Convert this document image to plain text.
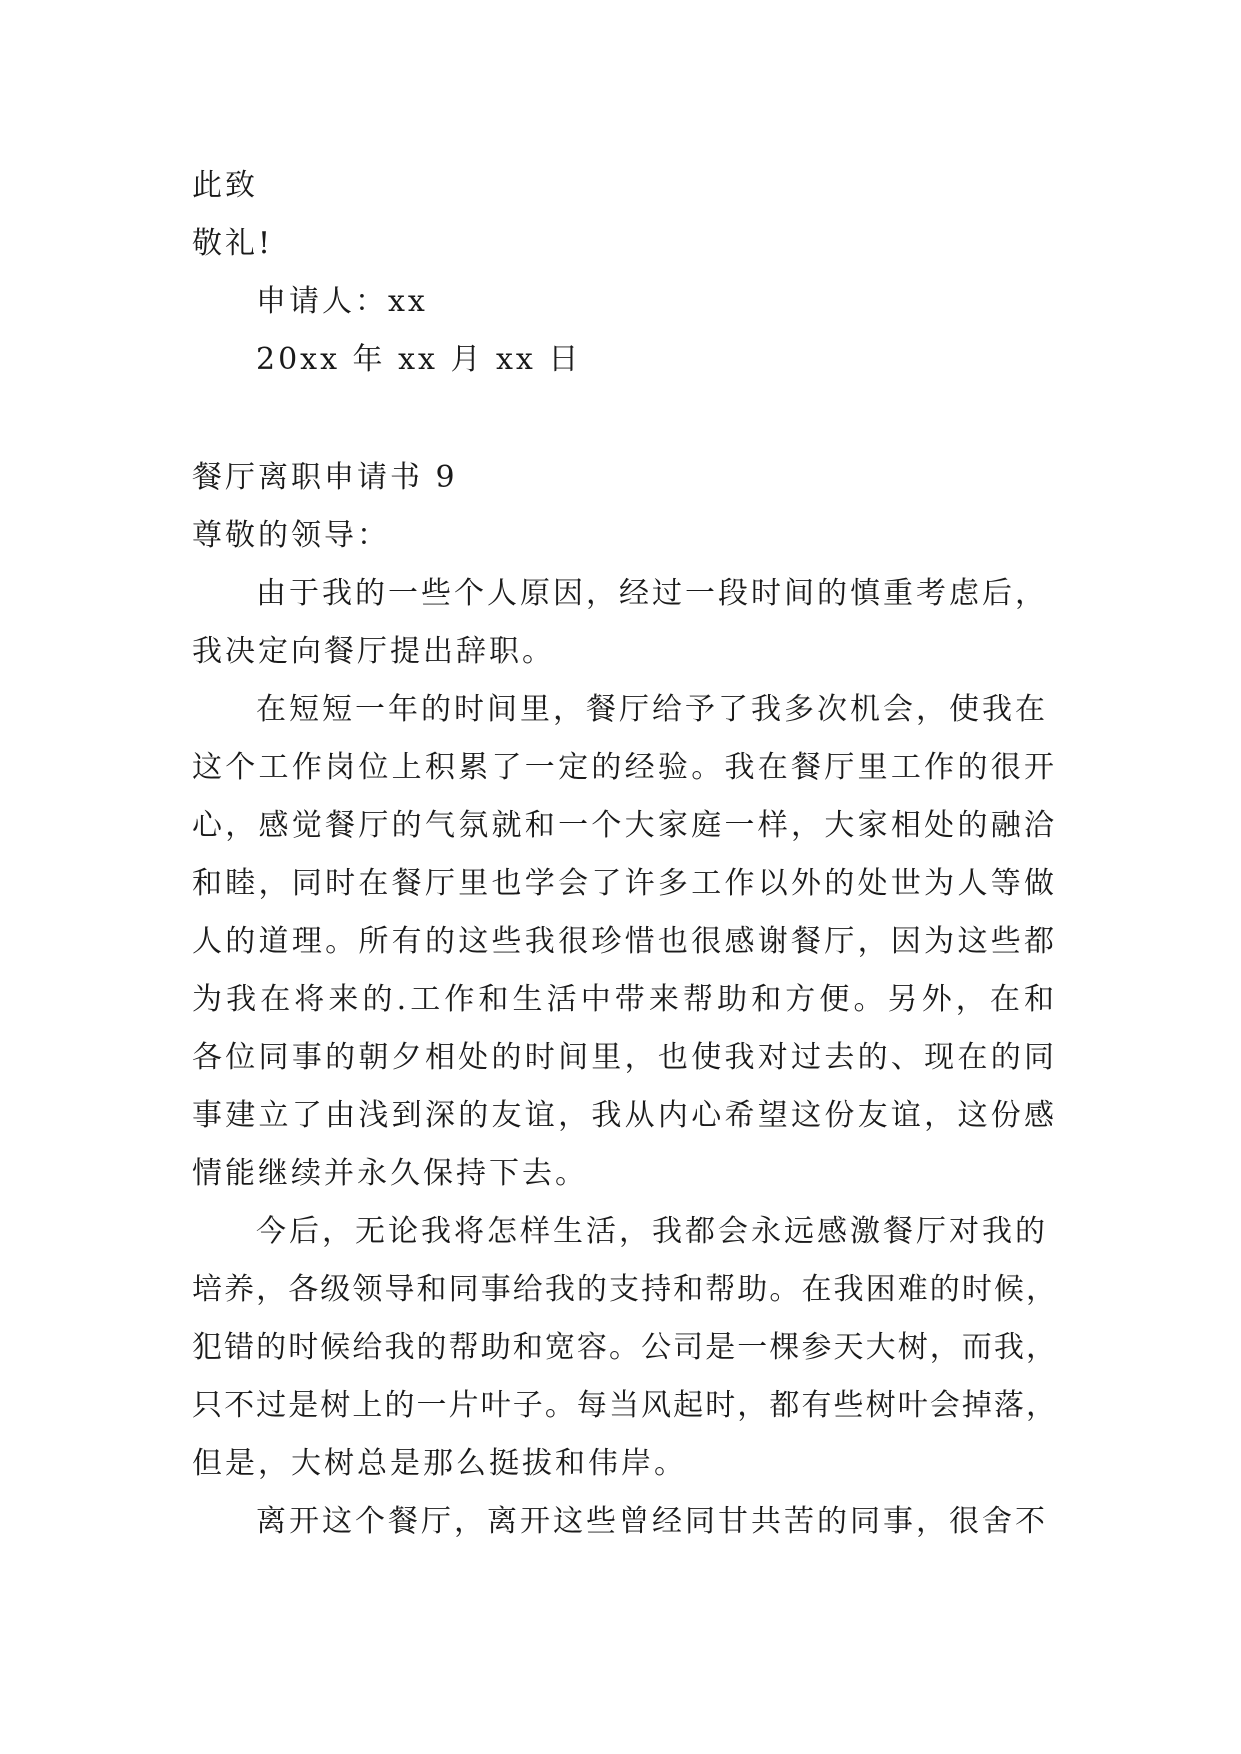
此致
敬礼!
申请人：xx
20xx 年 xx 月 xx 日
餐厅离职申请书 9
尊敬的领导：
由于我的一些个人原因，经过一段时间的慎重考虑后，
我决定向餐厅提出辞职。
在短短一年的时间里，餐厅给予了我多次机会，使我在
这个工作岗位上积累了一定的经验。我在餐厅里工作的很开
心，感觉餐厅的气氛就和一个大家庭一样，大家相处的融洽
和睦，同时在餐厅里也学会了许多工作以外的处世为人等做
人的道理。所有的这些我很珍惜也很感谢餐厅，因为这些都
为我在将来的.工作和生活中带来帮助和方便。另外，在和
各位同事的朝夕相处的时间里，也使我对过去的、现在的同
事建立了由浅到深的友谊，我从内心希望这份友谊，这份感
情能继续并永久保持下去。
今后，无论我将怎样生活，我都会永远感激餐厅对我的
培养，各级领导和同事给我的支持和帮助。在我困难的时候，
犯错的时候给我的帮助和宽容。公司是一棵参天大树，而我，
只不过是树上的一片叶子。每当风起时，都有些树叶会掉落，
但是，大树总是那么挺拔和伟岸。
离开这个餐厅，离开这些曾经同甘共苦的同事，很舍不
